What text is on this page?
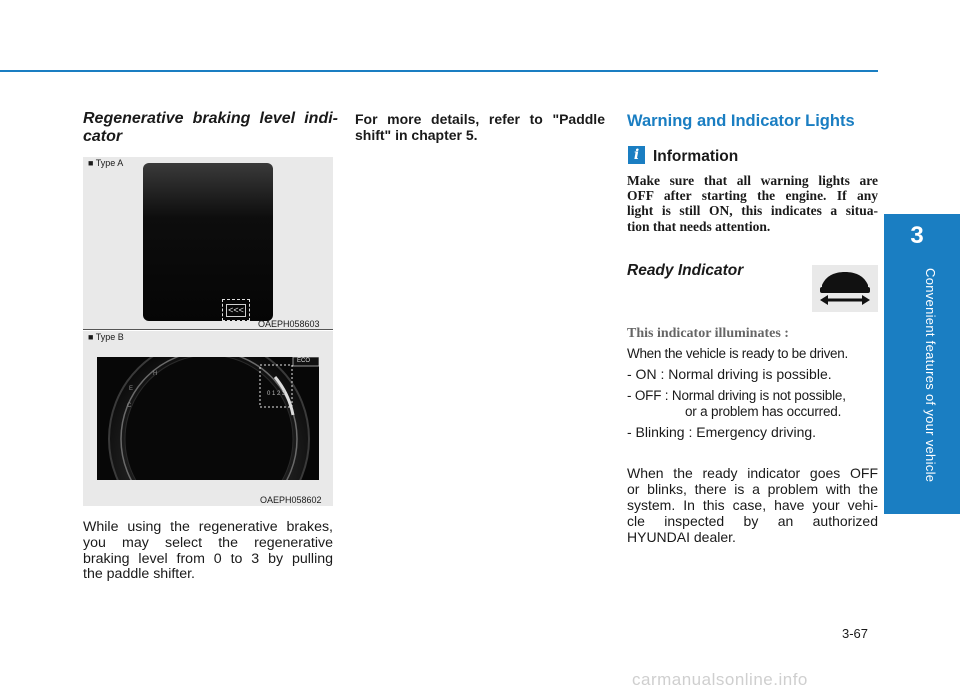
3
Convenient features of your vehicle
Regenerative braking level indi-
cator
■ Type A
<<<
OAEPH058603
■ Type B
E
H
C
0 1 2 3
ECO
OAEPH058602
While using the regenerative brakes,
you may select the regenerative
braking level from 0 to 3 by pulling
the paddle shifter.
For more details, refer to "Paddle
shift" in chapter 5.
Warning and Indicator Lights
i Information
Make sure that all warning lights are
OFF after starting the engine. If any
light is still ON, this indicates a situa-
tion that needs attention.
Ready Indicator
This indicator illuminates :
When the vehicle is ready to be driven.
- ON : Normal driving is possible.
- OFF : Normal driving is not possible,
or a problem has occurred.
- Blinking : Emergency driving.
When the ready indicator goes OFF
or blinks, there is a problem with the
system. In this case, have your vehi-
cle inspected by an authorized
HYUNDAI dealer.
3-67
carmanualsonline.info
